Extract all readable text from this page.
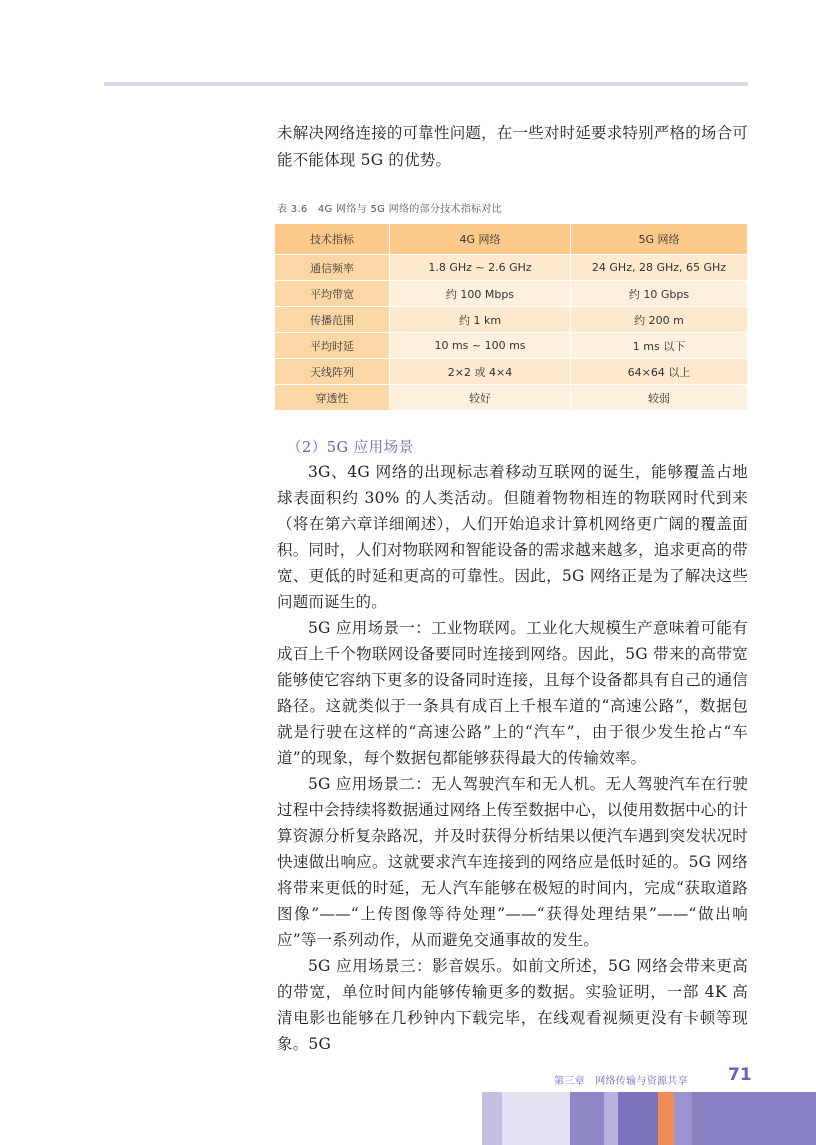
未解决网络连接的可靠性问题，在一些对时延要求特别严格的场合可能不能体现 5G 的优势。

表 3.6　4G 网络与 5G 网络的部分技术指标对比
技术指标	4G 网络	5G 网络
通信频率	1.8 GHz ~ 2.6 GHz	24 GHz, 28 GHz, 65 GHz
平均带宽	约 100 Mbps	约 10 Gbps
传播范围	约 1 km	约 200 m
平均时延	10 ms ~ 100 ms	1 ms 以下
天线阵列	2×2 或 4×4	64×64 以上
穿透性	较好	较弱
（2）5G 应用场景

3G、4G 网络的出现标志着移动互联网的诞生，能够覆盖占地球表面积约 30% 的人类活动。但随着物物相连的物联网时代到来（将在第六章详细阐述），人们开始追求计算机网络更广阔的覆盖面积。同时，人们对物联网和智能设备的需求越来越多，追求更高的带宽、更低的时延和更高的可靠性。因此，5G 网络正是为了解决这些问题而诞生的。

5G 应用场景一：工业物联网。工业化大规模生产意味着可能有成百上千个物联网设备要同时连接到网络。因此，5G 带来的高带宽能够使它容纳下更多的设备同时连接，且每个设备都具有自己的通信路径。这就类似于一条具有成百上千根车道的“高速公路”，数据包就是行驶在这样的“高速公路”上的“汽车”，由于很少发生抢占“车道”的现象，每个数据包都能够获得最大的传输效率。

5G 应用场景二：无人驾驶汽车和无人机。无人驾驶汽车在行驶过程中会持续将数据通过网络上传至数据中心，以使用数据中心的计算资源分析复杂路况，并及时获得分析结果以便汽车遇到突发状况时快速做出响应。这就要求汽车连接到的网络应是低时延的。5G 网络将带来更低的时延，无人汽车能够在极短的时间内，完成“获取道路图像”——“上传图像等待处理”——“获得处理结果”——“做出响应”等一系列动作，从而避免交通事故的发生。

5G 应用场景三：影音娱乐。如前文所述，5G 网络会带来更高的带宽，单位时间内能够传输更多的数据。实验证明，一部 4K 高清电影也能够在几秒钟内下载完毕，在线观看视频更没有卡顿等现象。5G

第三章　网络传输与资源共享 71
